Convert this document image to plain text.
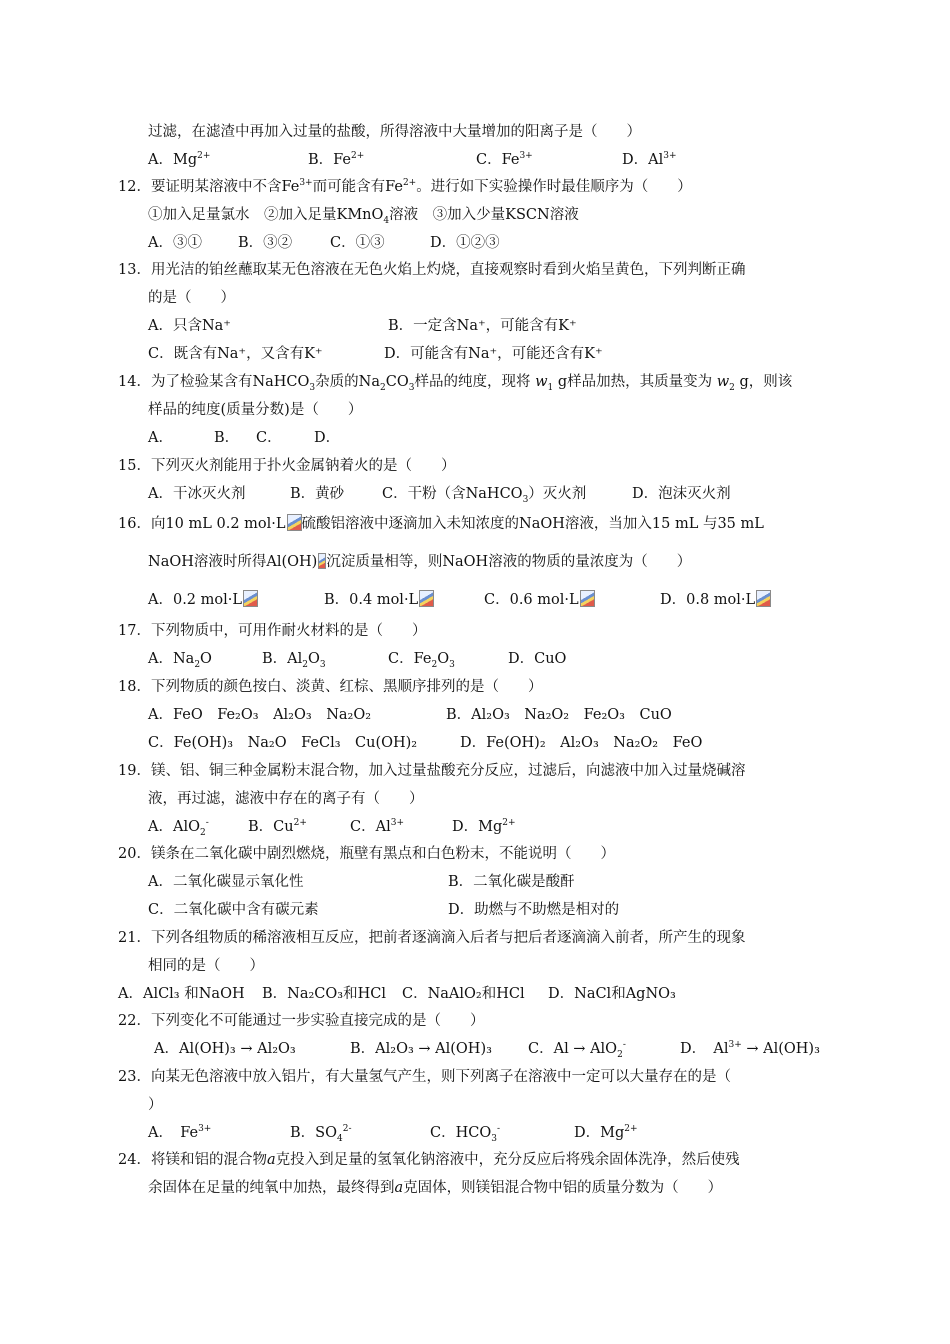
过滤，在滤渣中再加入过量的盐酸，所得溶液中大量增加的阳离子是（　　）
A．$Mg^{2+}$	B．$Fe^{2+}$	C．$Fe^{3+}$	D．$Al^{3+}$
12．要证明某溶液中不含$Fe^{3+}$而可能含有$Fe^{2+}$。进行如下实验操作时最佳顺序为（　　）
①加入足量氯水　②加入足量KMnO$_4$溶液　③加入少量KSCN溶液
A．③① B．③②	C．①③	D．①②③
13．用光洁的铂丝蘸取某无色溶液在无色火焰上灼烧，直接观察时看到火焰呈黄色，下列判断正确
的是（　　）
A．只含Na⁺	B．一定含Na⁺，可能含有K⁺
C．既含有Na⁺，又含有K⁺	D．可能含有Na⁺，可能还含有K⁺
14．为了检验某含有NaHCO$_3$杂质的$Na_2CO_3$样品的纯度，现将 $w_1$ g样品加热，其质量变为 $w_2$ g，则该
样品的纯度(质量分数)是（　　）
A．	B． C． D．
15．下列灭火剂能用于扑火金属钠着火的是（　　）
A．干冰灭火剂	B．黄砂	C．干粉（含NaHCO$_3$）灭火剂	D．泡沫灭火剂
16．向10 mL 0.2 mol·L 硫酸铝溶液中逐滴加入未知浓度的NaOH溶液，当加入15 mL 与35 mL
NaOH溶液时所得Al(OH) 沉淀质量相等，则NaOH溶液的物质的量浓度为（　　）
A．0.2 mol·L	B．0.4 mol·L	C．0.6 mol·L	D．0.8 mol·L
17．下列物质中，可用作耐火材料的是（　　）
A．$Na_2O$	B．$Al_2O_3$	C．$Fe_2O_3$	D．CuO
18．下列物质的颜色按白、淡黄、红棕、黑顺序排列的是（　　）
A．FeO　Fe₂O₃　Al₂O₃　Na₂O₂	B．Al₂O₃　Na₂O₂　Fe₂O₃　CuO
C．Fe(OH)₃　Na₂O　FeCl₃　Cu(OH)₂	D．Fe(OH)₂　Al₂O₃　Na₂O₂　FeO
19．镁、铝、铜三种金属粉末混合物，加入过量盐酸充分反应，过滤后，向滤液中加入过量烧碱溶
液，再过滤，滤液中存在的离子有（　　）
A．AlO$_2$-	B．$Cu^{2+}$	C．$Al^{3+}$	D．$Mg^{2+}$
20．镁条在二氧化碳中剧烈燃烧，瓶壁有黑点和白色粉末，不能说明（　　）
A．二氧化碳显示氧化性	B．二氧化碳是酸酐
C．二氧化碳中含有碳元素	D．助燃与不助燃是相对的
21．下列各组物质的稀溶液相互反应，把前者逐滴滴入后者与把后者逐滴滴入前者，所产生的现象
相同的是（　　）
A．AlCl₃ 和NaOH B．Na₂CO₃和HCl C．NaAlO₂和HCl D．NaCl和AgNO₃
22．下列变化不可能通过一步实验直接完成的是（　　）
A．Al(OH)₃ → Al₂O₃	B．Al₂O₃ → Al(OH)₃ C．Al → AlO$_2$-	D．　$Al^{3+} \to Al(OH)_3$
23．向某无色溶液中放入铝片，有大量氢气产生，则下列离子在溶液中一定可以大量存在的是（
）
A．　$Fe^{3+}$	B．$SO_4^{2-}$	C．$HCO_3^-$	D．$Mg^{2+}$
24．将镁和铝的混合物a克投入到足量的氢氧化钠溶液中，充分反应后将残余固体洗净，然后使残
余固体在足量的纯氧中加热，最终得到a克固体，则镁铝混合物中铝的质量分数为（　　）
